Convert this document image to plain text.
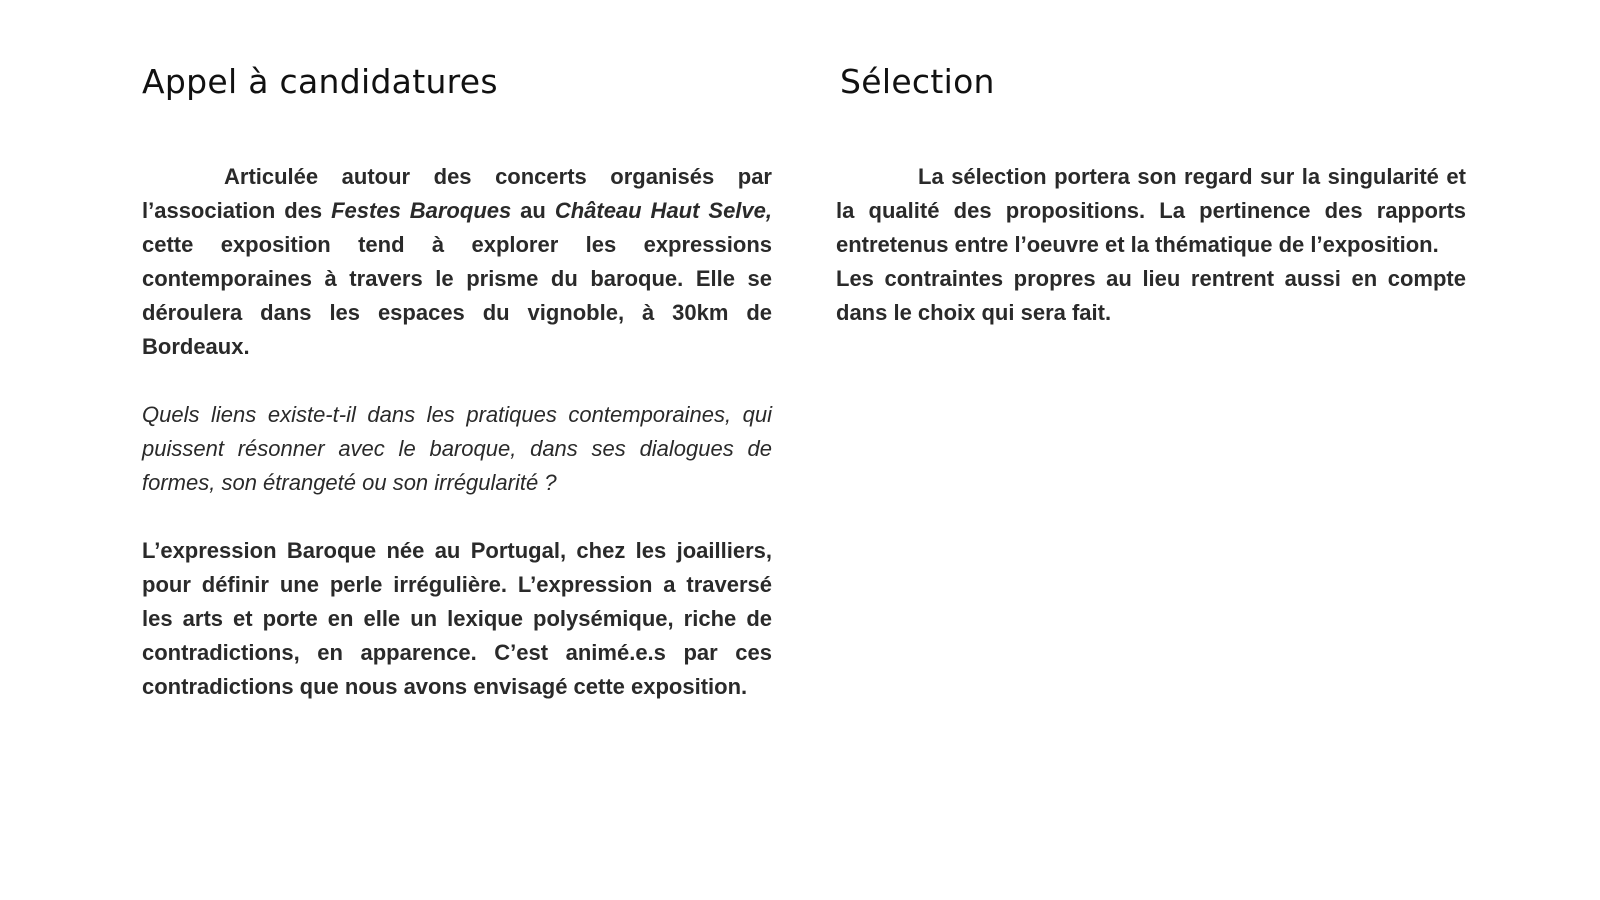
Appel à candidatures

Articulée autour des concerts organisés par l’association des Festes Baroques au Château Haut Selve, cette exposition tend à explorer les expressions contemporaines à travers le prisme du baroque. Elle se déroulera dans les espaces du vignoble, à 30km de Bordeaux.

Quels liens existe-t-il dans les pratiques contemporaines, qui puissent résonner avec le baroque, dans ses dialogues de formes, son étrangeté ou son irrégularité ?

L’expression Baroque née au Portugal, chez les joailliers, pour définir une perle irrégulière. L’expression a traversé les arts et porte en elle un lexique polysémique, riche de contradictions, en apparence. C’est animé.e.s par ces contradictions que nous avons envisagé cette exposition.

Sélection

La sélection portera son regard sur la singularité et la qualité des propositions. La pertinence des rapports entretenus entre l’oeuvre et la thématique de l’exposition.

Les contraintes propres au lieu rentrent aussi en compte dans le choix qui sera fait.
